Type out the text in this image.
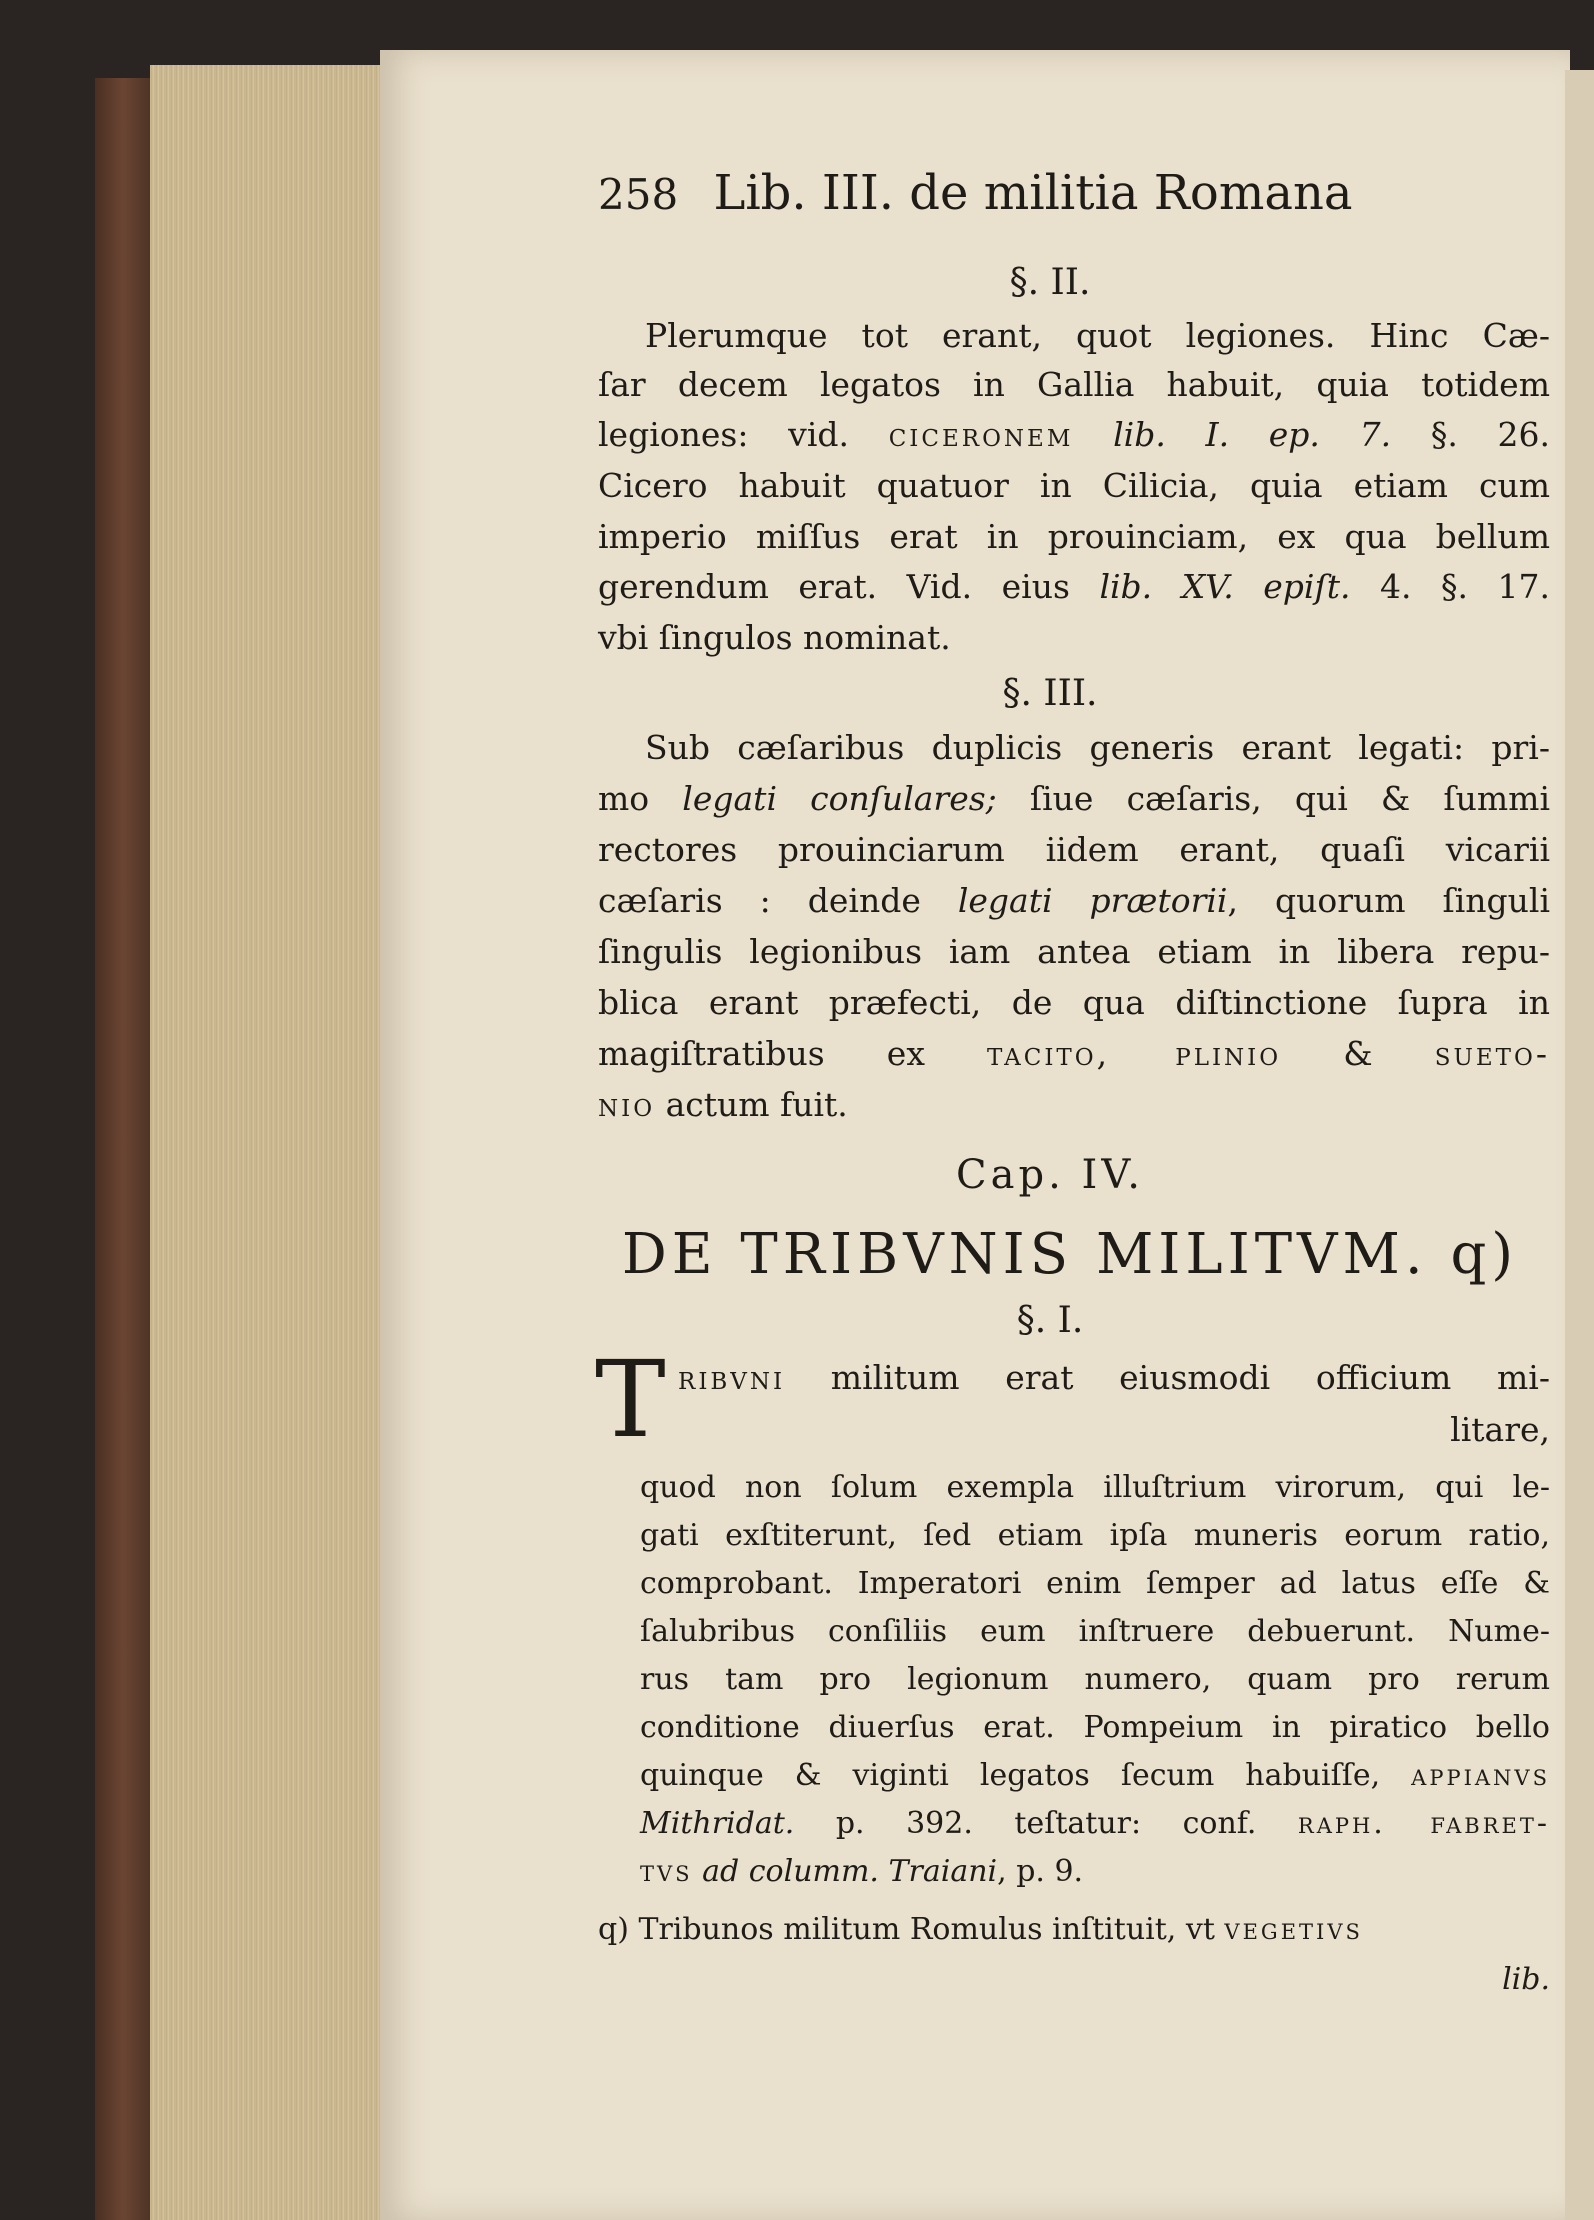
258 Lib. III. de militia Romana

§. II.

Plerumque tot erant, quot legiones. Hinc Cæ-

ſar decem legatos in Gallia habuit, quia totidem

legiones: vid. ciceronem lib. I. ep. 7. §. 26.

Cicero habuit quatuor in Cilicia, quia etiam cum

imperio miſſus erat in prouinciam, ex qua bellum

gerendum erat. Vid. eius lib. XV. epiſt. 4. §. 17.

vbi ſingulos nominat.

§. III.

Sub cæſaribus duplicis generis erant legati: pri-

mo legati conſulares; ſiue cæſaris, qui & ſummi

rectores prouinciarum iidem erant, quaſi vicarii

cæſaris : deinde legati prætorii, quorum ſinguli

ſingulis legionibus iam antea etiam in libera repu-

blica erant præfecti, de qua diſtinctione ſupra in

magiſtratibus ex tacito, plinio & sueto-

nio actum fuit.

Cap. IV.

DE TRIBVNIS MILITVM. q)

§. I.

T ribvni militum erat eiusmodi officium mi-

litare,

quod non ſolum exempla illuſtrium virorum, qui le-

gati exſtiterunt, ſed etiam ipſa muneris eorum ratio,

comprobant. Imperatori enim ſemper ad latus eſſe &

ſalubribus conſiliis eum inſtruere debuerunt. Nume-

rus tam pro legionum numero, quam pro rerum

conditione diuerſus erat. Pompeium in piratico bello

quinque & viginti legatos ſecum habuiſſe, appianvs

Mithridat. p. 392. teſtatur: conf. raph. fabret-

tvs ad columm. Traiani, p. 9.

q) Tribunos militum Romulus inſtituit, vt vegetivs

lib.
